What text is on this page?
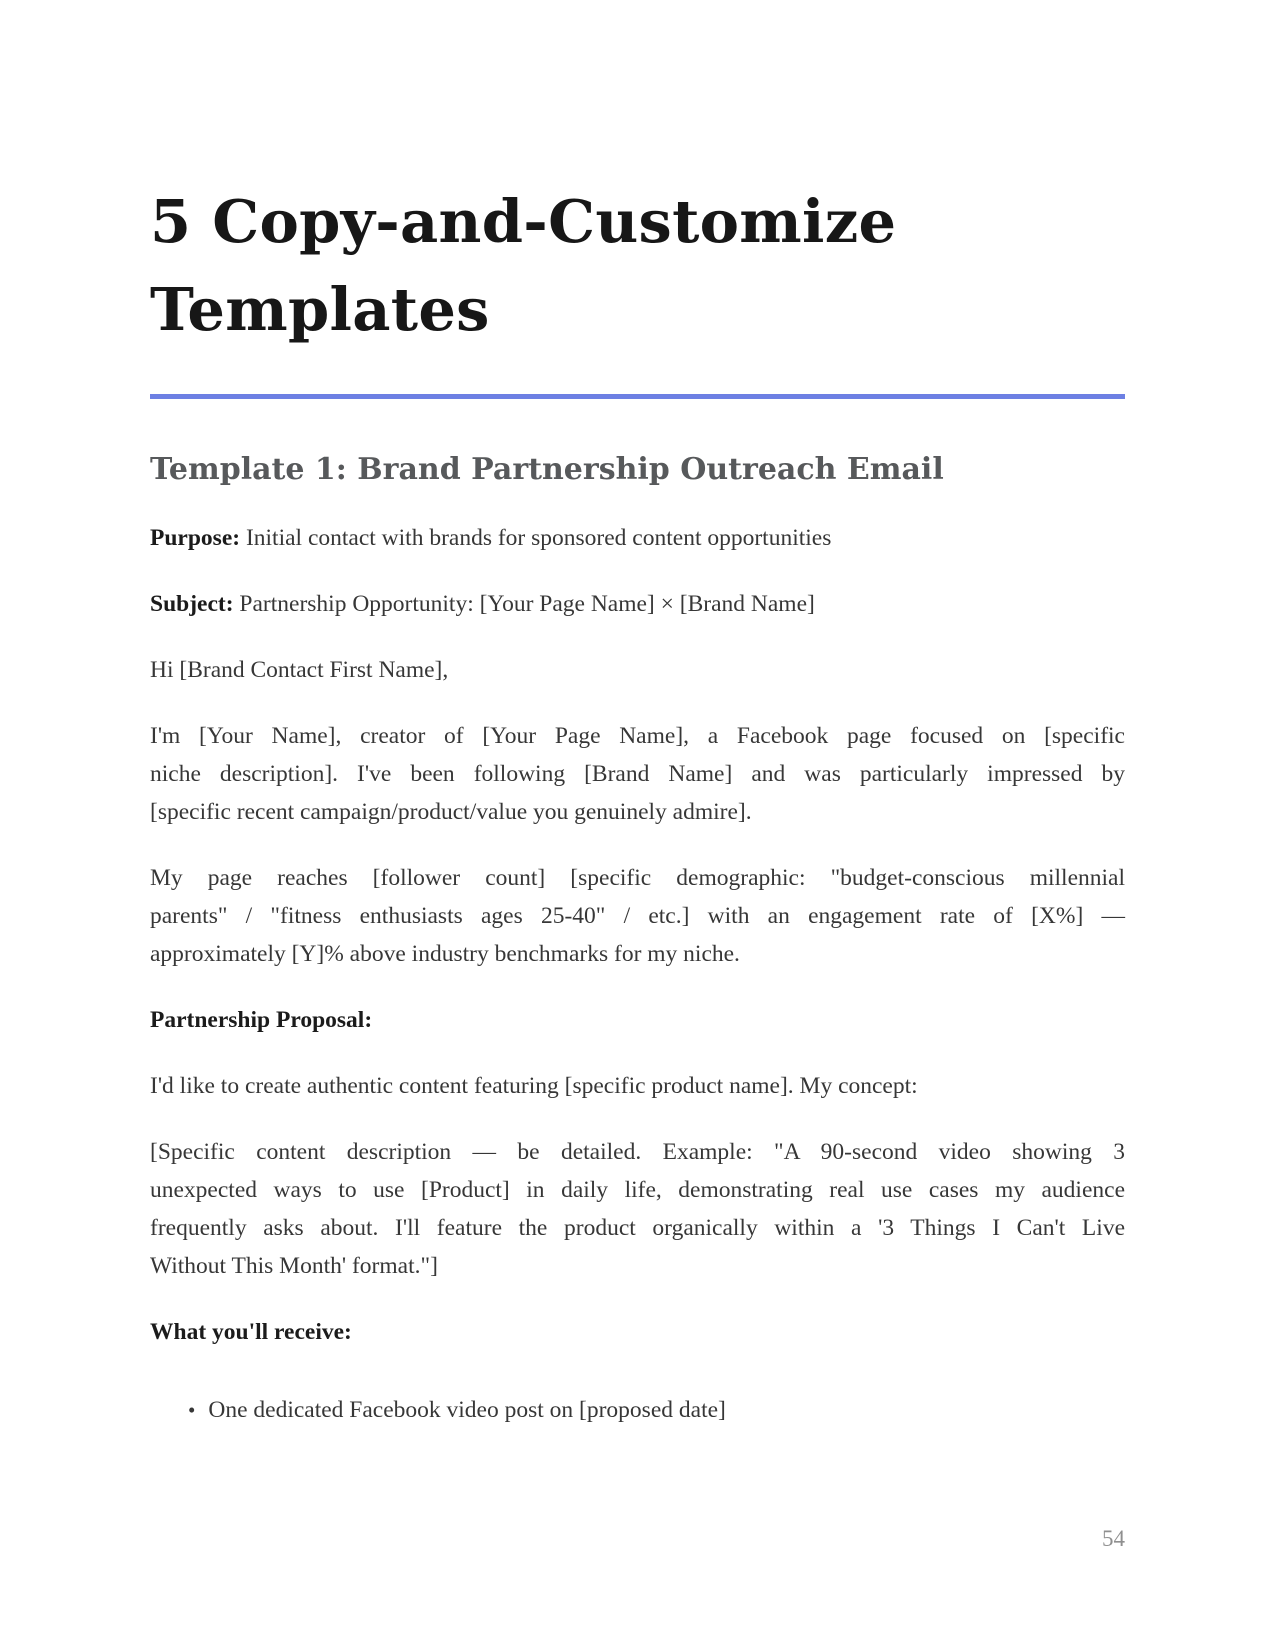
5 Copy-and-Customize Templates
Template 1: Brand Partnership Outreach Email

Purpose: Initial contact with brands for sponsored content opportunities

Subject: Partnership Opportunity: [Your Page Name] × [Brand Name]

Hi [Brand Contact First Name],

I'm [Your Name], creator of [Your Page Name], a Facebook page focused on [specific
niche description]. I've been following [Brand Name] and was particularly impressed by
[specific recent campaign/product/value you genuinely admire].

My page reaches [follower count] [specific demographic: "budget-conscious millennial
parents" / "fitness enthusiasts ages 25-40" / etc.] with an engagement rate of [X%] —
approximately [Y]% above industry benchmarks for my niche.

Partnership Proposal:

I'd like to create authentic content featuring [specific product name]. My concept:

[Specific content description — be detailed. Example: "A 90-second video showing 3
unexpected ways to use [Product] in daily life, demonstrating real use cases my audience
frequently asks about. I'll feature the product organically within a '3 Things I Can't Live
Without This Month' format."]

What you'll receive:

• One dedicated Facebook video post on [proposed date]
54
